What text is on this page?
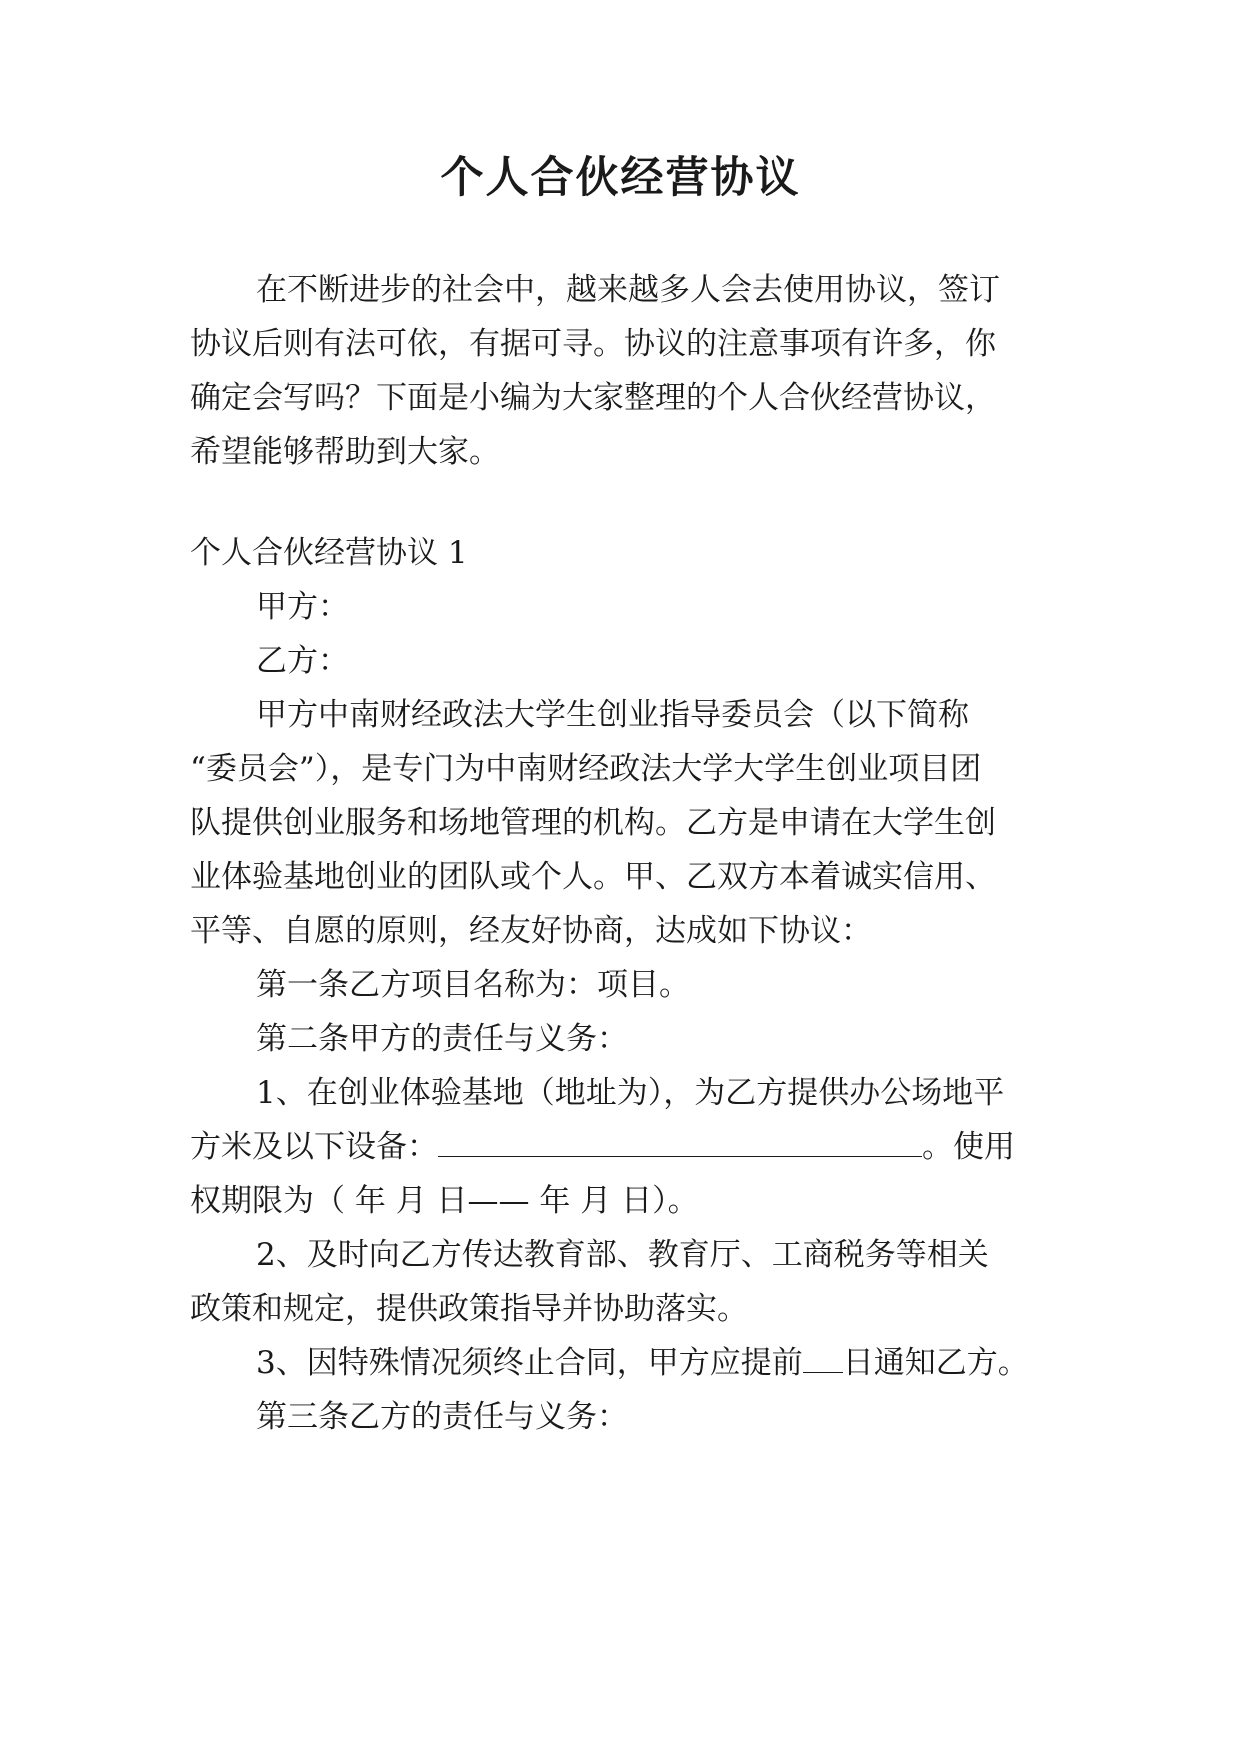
个人合伙经营协议

在不断进步的社会中，越来越多人会去使用协议，签订

协议后则有法可依，有据可寻。协议的注意事项有许多，你

确定会写吗？下面是小编为大家整理的个人合伙经营协议，

希望能够帮助到大家。

个人合伙经营协议 1

甲方：

乙方：

甲方中南财经政法大学生创业指导委员会（以下简称

“委员会”），是专门为中南财经政法大学大学生创业项目团

队提供创业服务和场地管理的机构。乙方是申请在大学生创

业体验基地创业的团队或个人。甲、乙双方本着诚实信用、

平等、自愿的原则，经友好协商，达成如下协议：

第一条乙方项目名称为：项目。

第二条甲方的责任与义务：

1、在创业体验基地（地址为），为乙方提供办公场地平

方米及以下设备：	。使用

权期限为（ 年 月 日—— 年 月 日）。

2、及时向乙方传达教育部、教育厅、工商税务等相关

政策和规定，提供政策指导并协助落实。

3、因特殊情况须终止合同，甲方应提前 日通知乙方。

第三条乙方的责任与义务：
